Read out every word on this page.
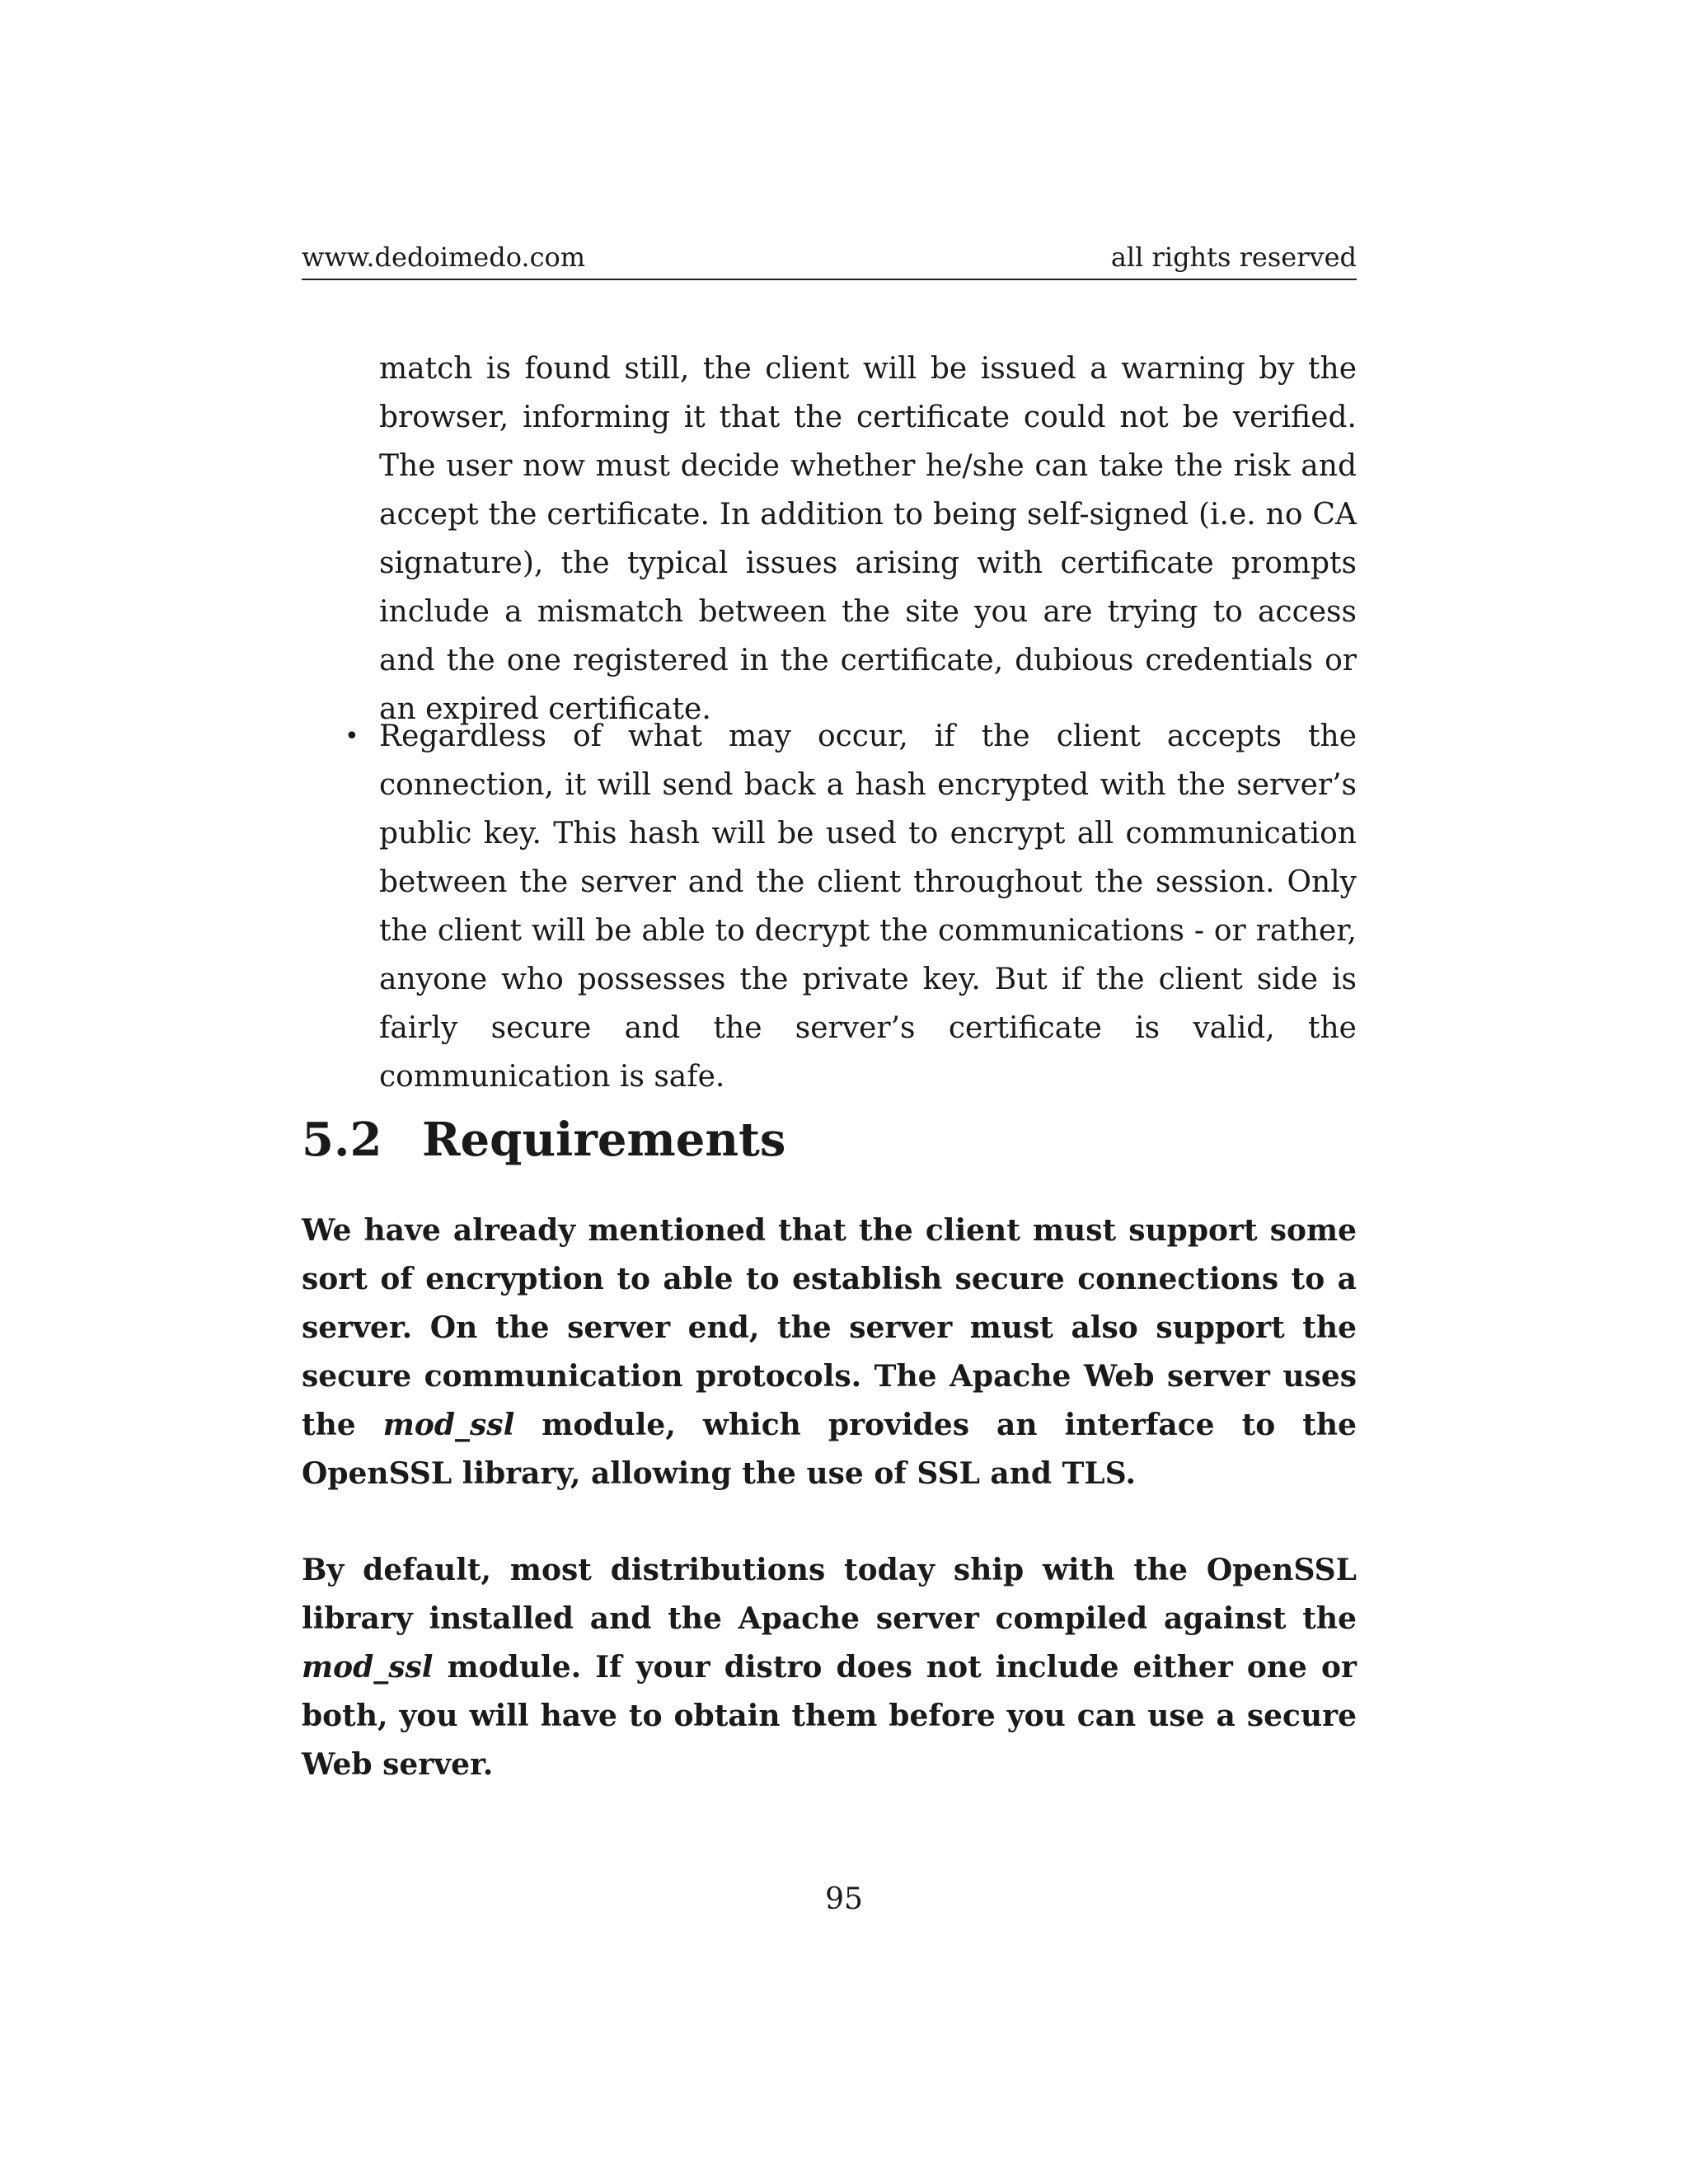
www.dedoimedo.com	all rights reserved
match is found still, the client will be issued a warning by the browser, informing it that the certificate could not be verified. The user now must decide whether he/she can take the risk and accept the certificate. In addition to being self-signed (i.e. no CA signature), the typical issues arising with certificate prompts include a mismatch between the site you are trying to access and the one registered in the certificate, dubious credentials or an expired certificate.
• Regardless of what may occur, if the client accepts the connection, it will send back a hash encrypted with the server’s public key. This hash will be used to encrypt all communication between the server and the client throughout the session. Only the client will be able to decrypt the communications - or rather, anyone who possesses the private key. But if the client side is fairly secure and the server’s certificate is valid, the communication is safe.
5.2 Requirements
We have already mentioned that the client must support some sort of encryption to able to establish secure connections to a server. On the server end, the server must also support the secure communication protocols. The Apache Web server uses the mod_ssl module, which provides an interface to the OpenSSL library, allowing the use of SSL and TLS.
By default, most distributions today ship with the OpenSSL library installed and the Apache server compiled against the mod_ssl module. If your distro does not include either one or both, you will have to obtain them before you can use a secure Web server.
95
